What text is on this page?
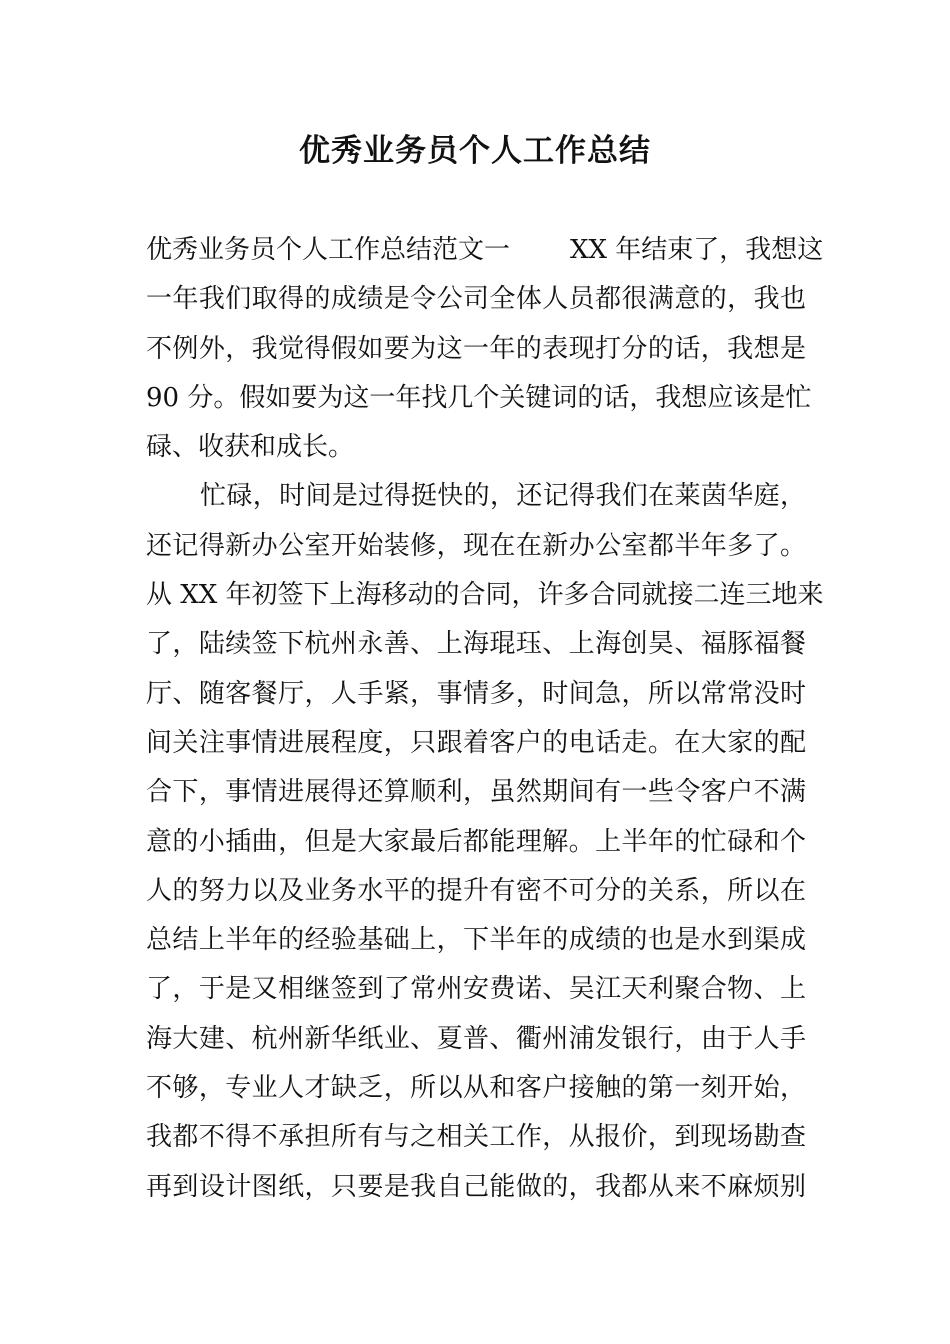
优秀业务员个人工作总结
优秀业务员个人工作总结范文一 XX 年结束了，我想这
一年我们取得的成绩是令公司全体人员都很满意的，我也
不例外，我觉得假如要为这一年的表现打分的话，我想是
90 分。假如要为这一年找几个关键词的话，我想应该是忙
碌、收获和成长。
忙碌，时间是过得挺快的，还记得我们在莱茵华庭，
还记得新办公室开始装修，现在在新办公室都半年多了。
从 XX 年初签下上海移动的合同，许多合同就接二连三地来
了，陆续签下杭州永善、上海琨珏、上海创昊、福豚福餐
厅、随客餐厅，人手紧，事情多，时间急，所以常常没时
间关注事情进展程度，只跟着客户的电话走。在大家的配
合下，事情进展得还算顺利，虽然期间有一些令客户不满
意的小插曲，但是大家最后都能理解。上半年的忙碌和个
人的努力以及业务水平的提升有密不可分的关系，所以在
总结上半年的经验基础上，下半年的成绩的也是水到渠成
了，于是又相继签到了常州安费诺、吴江天利聚合物、上
海大建、杭州新华纸业、夏普、衢州浦发银行，由于人手
不够，专业人才缺乏，所以从和客户接触的第一刻开始，
我都不得不承担所有与之相关工作，从报价，到现场勘查
再到设计图纸，只要是我自己能做的，我都从来不麻烦别
